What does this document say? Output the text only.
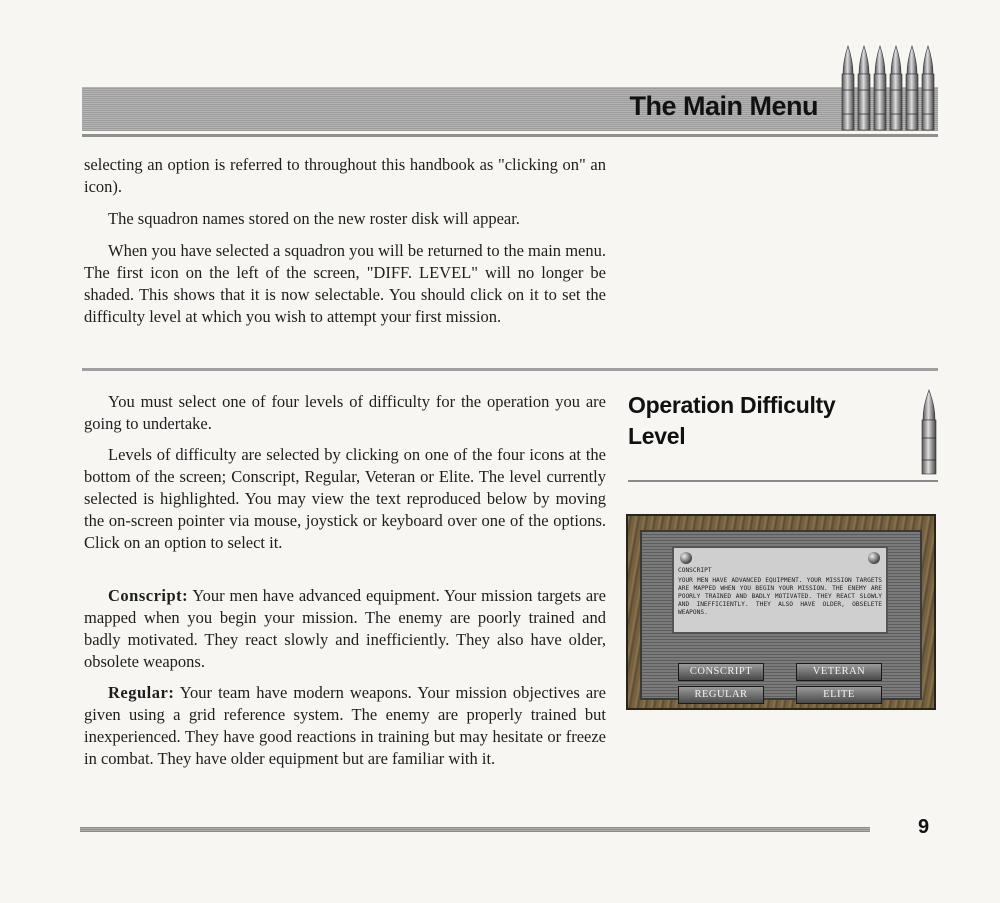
The Main Menu
selecting an option is referred to throughout this handbook as "clicking on" an icon).
The squadron names stored on the new roster disk will appear.
When you have selected a squadron you will be returned to the main menu. The first icon on the left of the screen, "DIFF. LEVEL" will no longer be shaded. This shows that it is now selectable. You should click on it to set the difficulty level at which you wish to attempt your first mission.
You must select one of four levels of difficulty for the operation you are going to undertake.
Levels of difficulty are selected by clicking on one of the four icons at the bottom of the screen; Conscript, Regular, Veteran or Elite. The level currently selected is highlighted. You may view the text reproduced below by moving the on-screen pointer via mouse, joystick or keyboard over one of the options. Click on an option to select it.
Conscript: Your men have advanced equipment. Your mission targets are mapped when you begin your mission. The enemy are poorly trained and badly motivated. They react slowly and inefficiently. They also have older, obsolete weapons.
Regular: Your team have modern weapons. Your mission objectives are given using a grid reference system. The enemy are properly trained but inexperienced. They have good reactions in training but may hesitate or freeze in combat. They have older equipment but are familiar with it.
Operation Difficulty Level
CONSCRIPT
YOUR MEN HAVE ADVANCED EQUIPMENT. YOUR MISSION TARGETS ARE MAPPED WHEN YOU BEGIN YOUR MISSION. THE ENEMY ARE POORLY TRAINED AND BADLY MOTIVATED. THEY REACT SLOWLY AND INEFFICIENTLY. THEY ALSO HAVE OLDER, OBSELETE WEAPONS.
CONSCRIPT	VETERAN
REGULAR	ELITE
9
